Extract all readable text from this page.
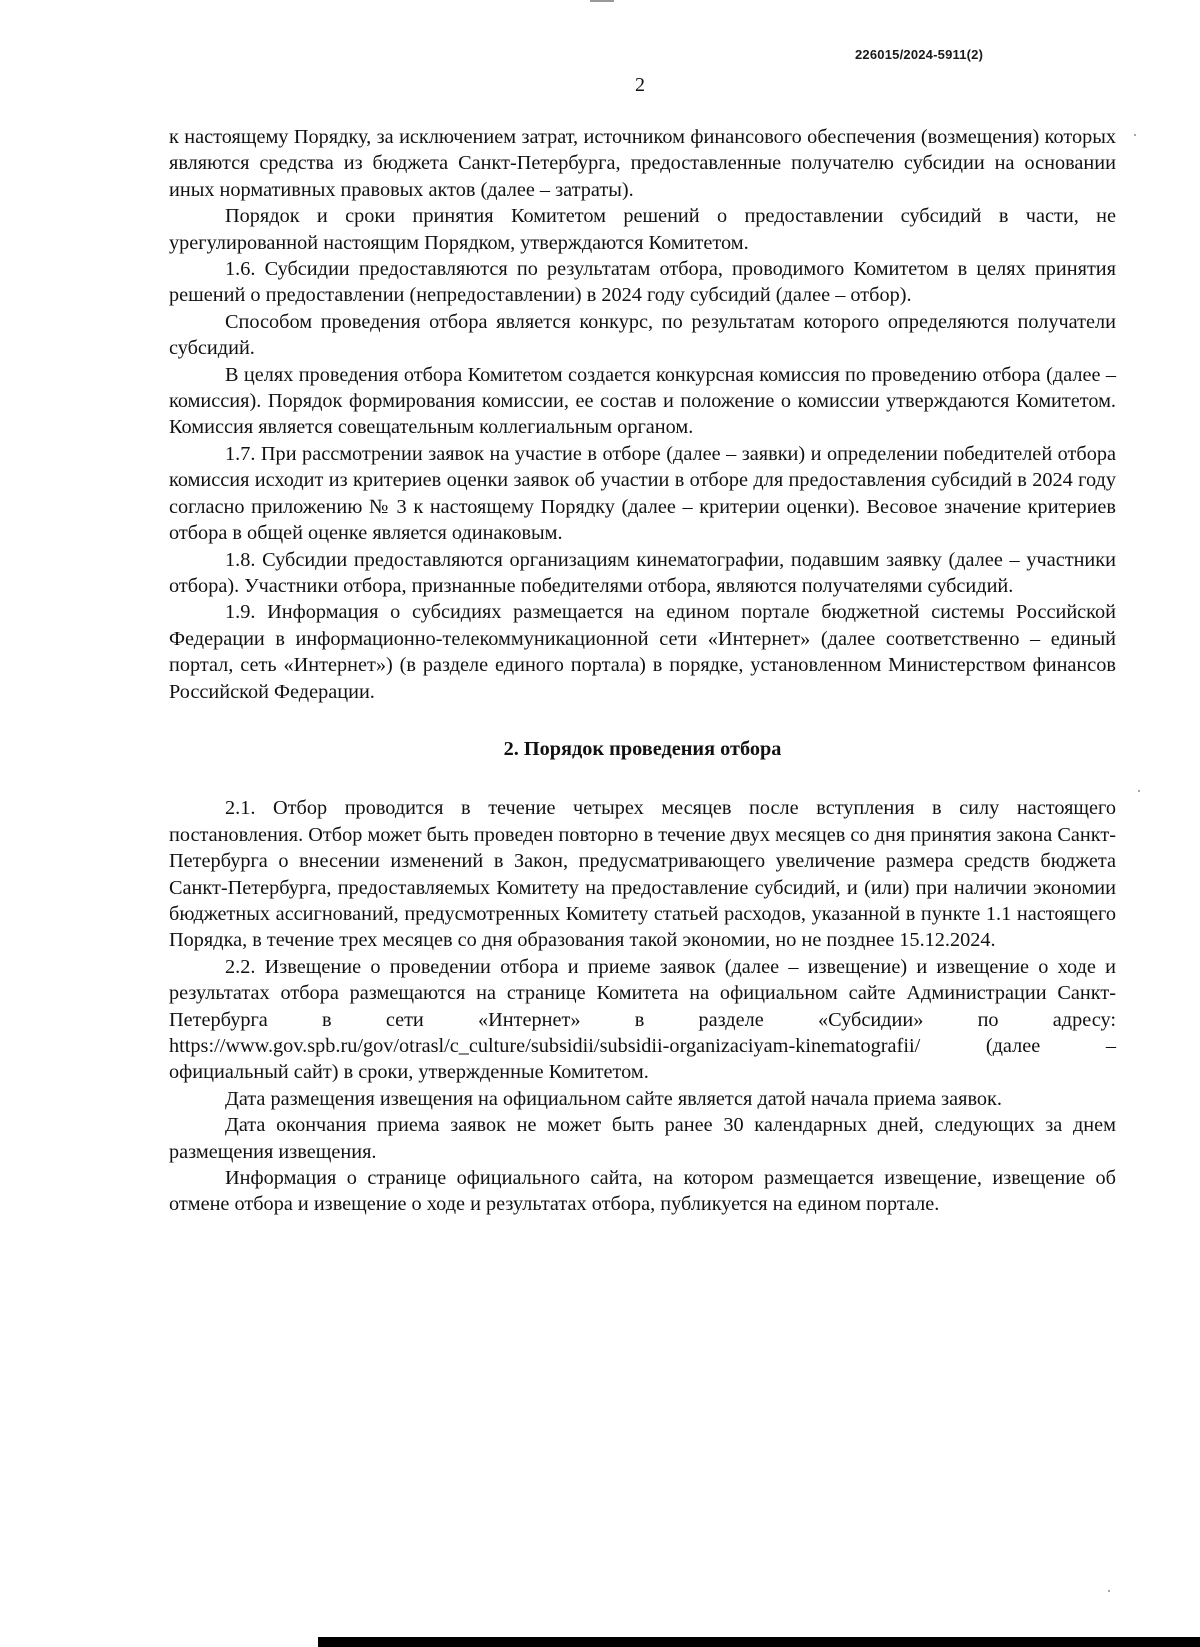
226015/2024-5911(2)
2

к настоящему Порядку, за исключением затрат, источником финансового обеспечения (возмещения) которых являются средства из бюджета Санкт-Петербурга, предоставленные получателю субсидии на основании иных нормативных правовых актов (далее – затраты).

Порядок и сроки принятия Комитетом решений о предоставлении субсидий в части, не урегулированной настоящим Порядком, утверждаются Комитетом.

1.6. Субсидии предоставляются по результатам отбора, проводимого Комитетом в целях принятия решений о предоставлении (непредоставлении) в 2024 году субсидий (далее – отбор).

Способом проведения отбора является конкурс, по результатам которого определяются получатели субсидий.

В целях проведения отбора Комитетом создается конкурсная комиссия по проведению отбора (далее – комиссия). Порядок формирования комиссии, ее состав и положение о комиссии утверждаются Комитетом. Комиссия является совещательным коллегиальным органом.

1.7. При рассмотрении заявок на участие в отборе (далее – заявки) и определении победителей отбора комиссия исходит из критериев оценки заявок об участии в отборе для предоставления субсидий в 2024 году согласно приложению № 3 к настоящему Порядку (далее – критерии оценки). Весовое значение критериев отбора в общей оценке является одинаковым.

1.8. Субсидии предоставляются организациям кинематографии, подавшим заявку (далее – участники отбора). Участники отбора, признанные победителями отбора, являются получателями субсидий.

1.9. Информация о субсидиях размещается на едином портале бюджетной системы Российской Федерации в информационно-телекоммуникационной сети «Интернет» (далее соответственно – единый портал, сеть «Интернет») (в разделе единого портала) в порядке, установленном Министерством финансов Российской Федерации.

2. Порядок проведения отбора

2.1. Отбор проводится в течение четырех месяцев после вступления в силу настоящего постановления. Отбор может быть проведен повторно в течение двух месяцев со дня принятия закона Санкт-Петербурга о внесении изменений в Закон, предусматривающего увеличение размера средств бюджета Санкт-Петербурга, предоставляемых Комитету на предоставление субсидий, и (или) при наличии экономии бюджетных ассигнований, предусмотренных Комитету статьей расходов, указанной в пункте 1.1 настоящего Порядка, в течение трех месяцев со дня образования такой экономии, но не позднее 15.12.2024.

2.2. Извещение о проведении отбора и приеме заявок (далее – извещение) и извещение о ходе и результатах отбора размещаются на странице Комитета на официальном сайте Администрации Санкт-Петербурга в сети «Интернет» в разделе «Субсидии» по адресу: https://www.gov.spb.ru/gov/otrasl/c_culture/subsidii/subsidii-organizaciyam-kinematografii/ (далее – официальный сайт) в сроки, утвержденные Комитетом.

Дата размещения извещения на официальном сайте является датой начала приема заявок.

Дата окончания приема заявок не может быть ранее 30 календарных дней, следующих за днем размещения извещения.

Информация о странице официального сайта, на котором размещается извещение, извещение об отмене отбора и извещение о ходе и результатах отбора, публикуется на едином портале.
